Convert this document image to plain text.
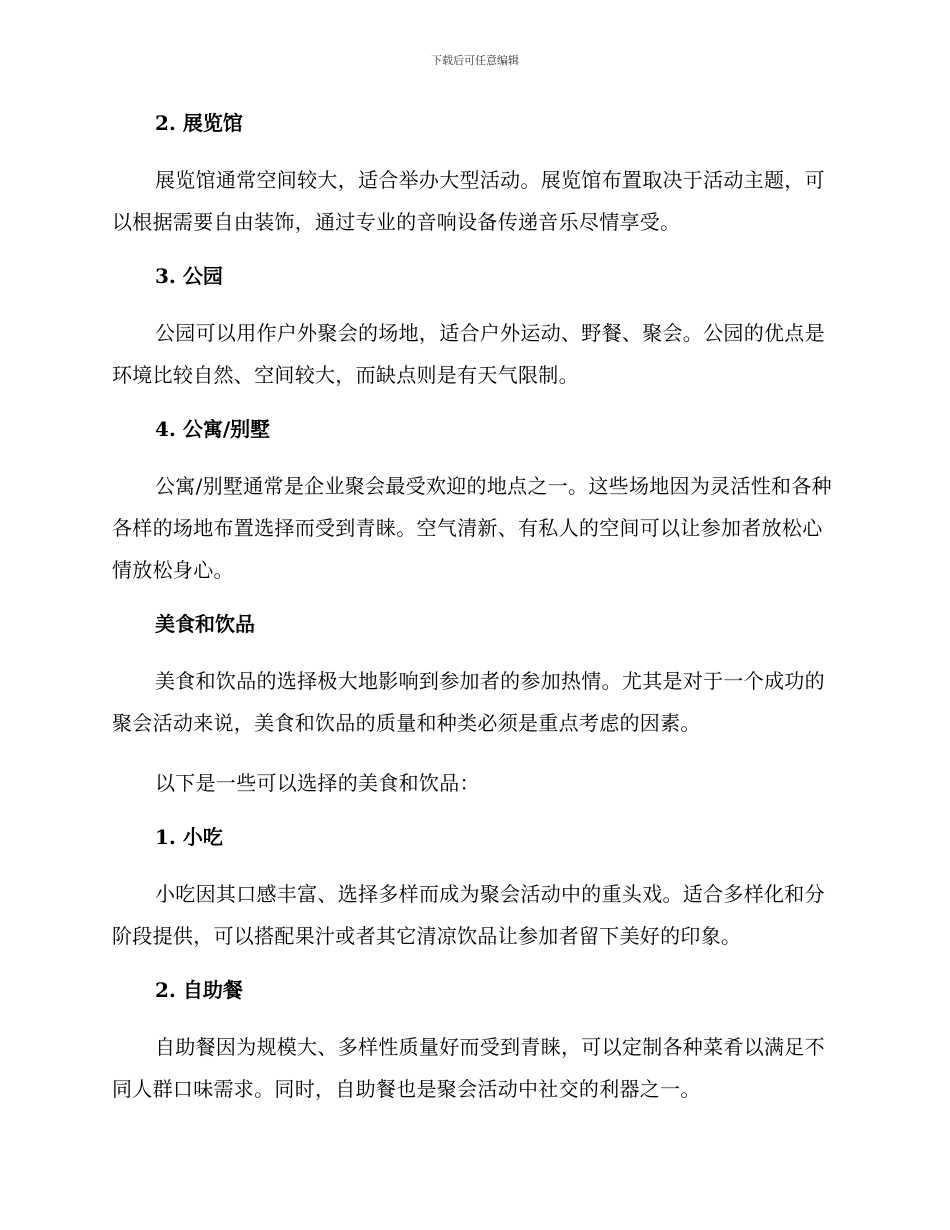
下载后可任意编辑
2. 展览馆

展览馆通常空间较大，适合举办大型活动。展览馆布置取决于活动主题，可以根据需要自由装饰，通过专业的音响设备传递音乐尽情享受。

3. 公园

公园可以用作户外聚会的场地，适合户外运动、野餐、聚会。公园的优点是环境比较自然、空间较大，而缺点则是有天气限制。

4. 公寓/别墅

公寓/别墅通常是企业聚会最受欢迎的地点之一。这些场地因为灵活性和各种各样的场地布置选择而受到青睐。空气清新、有私人的空间可以让参加者放松心情放松身心。

美食和饮品

美食和饮品的选择极大地影响到参加者的参加热情。尤其是对于一个成功的聚会活动来说，美食和饮品的质量和种类必须是重点考虑的因素。

以下是一些可以选择的美食和饮品：

1. 小吃

小吃因其口感丰富、选择多样而成为聚会活动中的重头戏。适合多样化和分阶段提供，可以搭配果汁或者其它清凉饮品让参加者留下美好的印象。

2. 自助餐

自助餐因为规模大、多样性质量好而受到青睐，可以定制各种菜肴以满足不同人群口味需求。同时，自助餐也是聚会活动中社交的利器之一。
